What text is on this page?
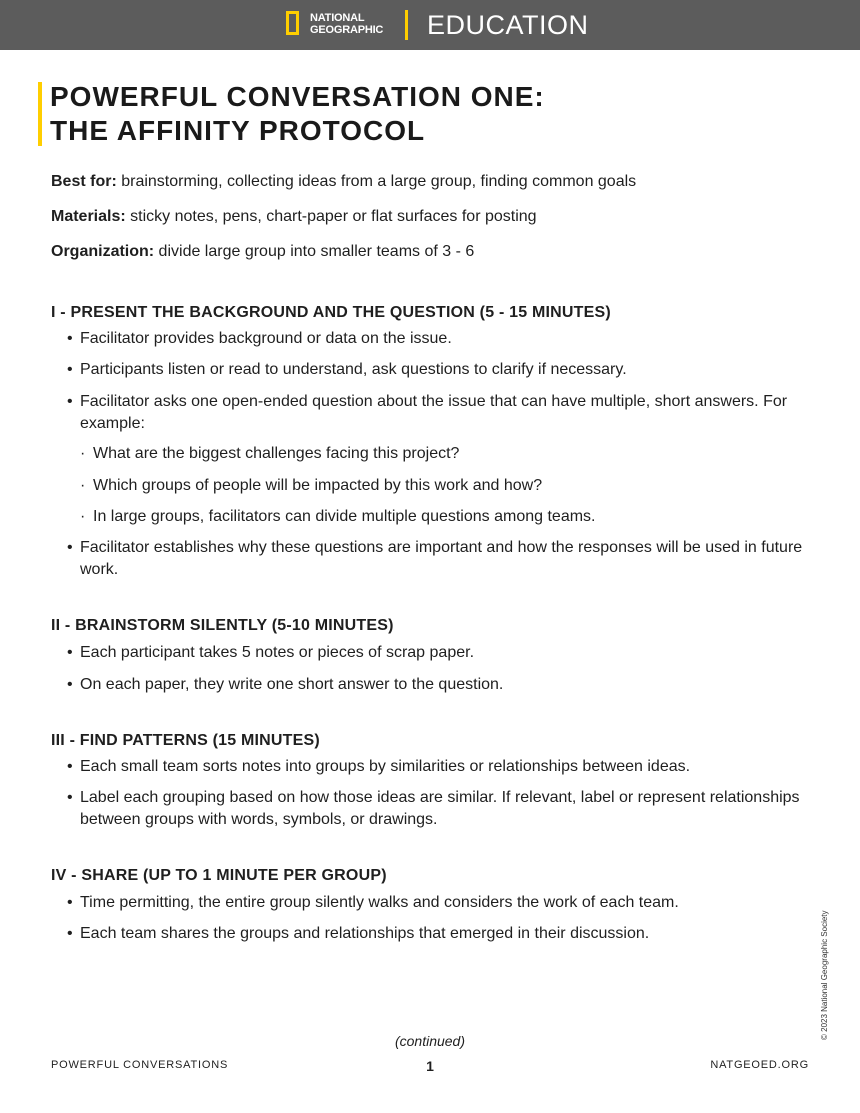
NATIONAL
GEOGRAPHIC EDUCATION
POWERFUL CONVERSATION ONE:
THE AFFINITY PROTOCOL

Best for: brainstorming, collecting ideas from a large group, finding common goals

Materials: sticky notes, pens, chart-paper or flat surfaces for posting

Organization: divide large group into smaller teams of 3 - 6

I - PRESENT THE BACKGROUND AND THE QUESTION (5 - 15 MINUTES)

• Facilitator provides background or data on the issue.

• Participants listen or read to understand, ask questions to clarify if necessary.

• Facilitator asks one open-ended question about the issue that can have multiple, short answers. For example:

· What are the biggest challenges facing this project?

· Which groups of people will be impacted by this work and how?

· In large groups, facilitators can divide multiple questions among teams.

• Facilitator establishes why these questions are important and how the responses will be used in future work.

II - BRAINSTORM SILENTLY (5-10 MINUTES)

• Each participant takes 5 notes or pieces of scrap paper.

• On each paper, they write one short answer to the question.

III - FIND PATTERNS (15 MINUTES)

• Each small team sorts notes into groups by similarities or relationships between ideas.

• Label each grouping based on how those ideas are similar. If relevant, label or represent relationships between groups with words, symbols, or drawings.

IV - SHARE (UP TO 1 MINUTE PER GROUP)

• Time permitting, the entire group silently walks and considers the work of each team.

• Each team shares the groups and relationships that emerged in their discussion.

(continued)
POWERFUL CONVERSATIONS	1	NATGEOED.ORG
© 2023 National Geographic Society
